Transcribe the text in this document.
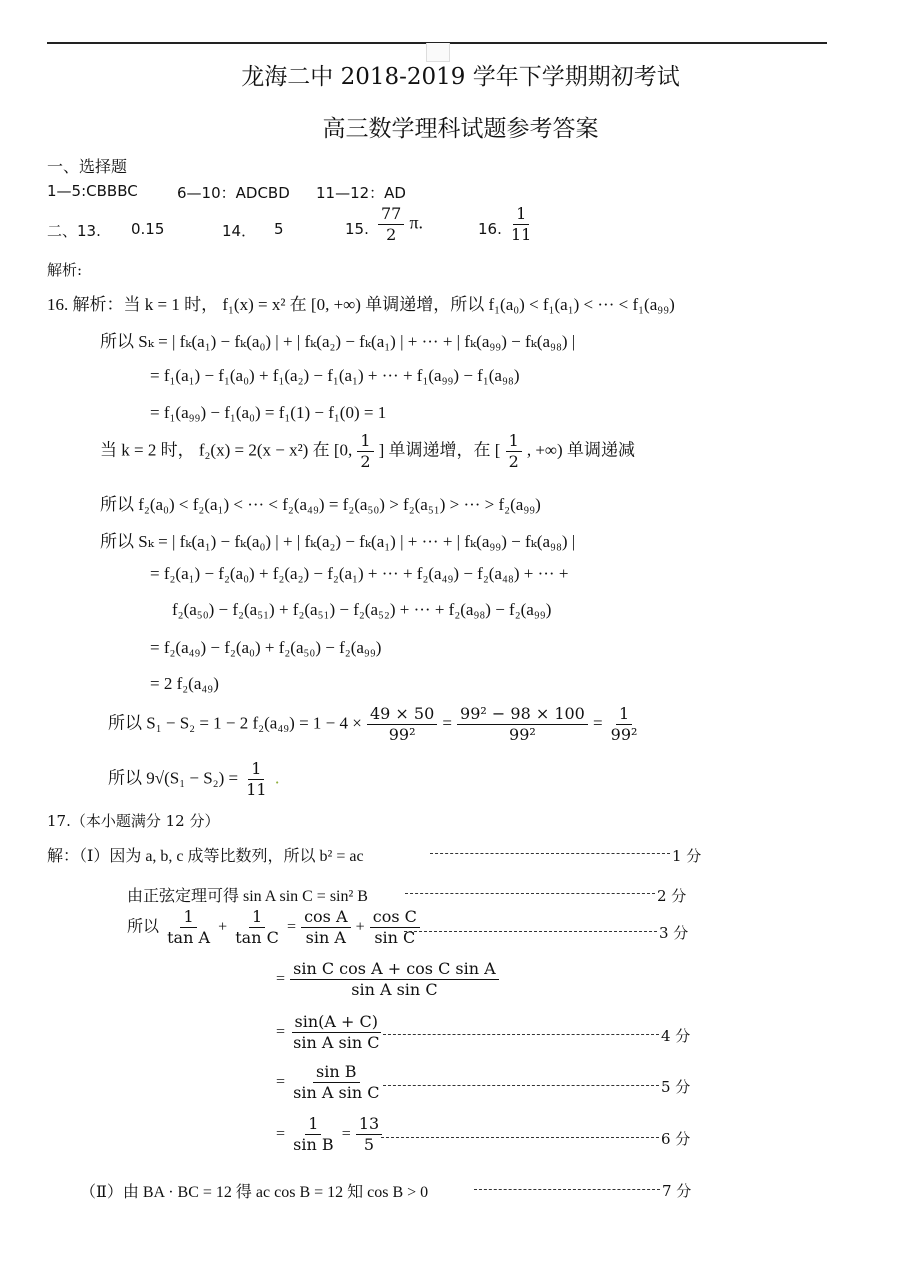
龙海二中 2018-2019 学年下学期期初考试
高三数学理科试题参考答案
一、选择题
1—5:CBBBC	6—10：ADCBD 11—12：AD
二、13. 0.15	14． 5	15. $\frac{77}{2} \pi$.	16. $\frac{1}{11}$
解析:
16. 解析：当 k = 1 时， f₁(x) = x² 在 [0, +∞) 单调递增，所以 f₁(a₀) < f₁(a₁) < ··· < f₁(a₉₉)
所以 Sₖ = | fₖ(a₁) − fₖ(a₀) | + | fₖ(a₂) − fₖ(a₁) | + ··· + | fₖ(a₉₉) − fₖ(a₉₈) |
= f₁(a₁) − f₁(a₀) + f₁(a₂) − f₁(a₁) + ··· + f₁(a₉₉) − f₁(a₉₈)
= f₁(a₉₉) − f₁(a₀) = f₁(1) − f₁(0) = 1
当 k = 2 时， f₂(x) = 2(x − x²) 在 [0, $\frac{1}{2}$ ] 单调递增，在 [ $\frac{1}{2}$ , +∞) 单调递减
所以 f₂(a₀) < f₂(a₁) < ··· < f₂(a₄₉) = f₂(a₅₀) > f₂(a₅₁) > ··· > f₂(a₉₉)
所以 Sₖ = | fₖ(a₁) − fₖ(a₀) | + | fₖ(a₂) − fₖ(a₁) | + ··· + | fₖ(a₉₉) − fₖ(a₉₈) |
= f₂(a₁) − f₂(a₀) + f₂(a₂) − f₂(a₁) + ··· + f₂(a₄₉) − f₂(a₄₈) + ··· +
f₂(a₅₀) − f₂(a₅₁) + f₂(a₅₁) − f₂(a₅₂) + ··· + f₂(a₉₈) − f₂(a₉₉)
= f₂(a₄₉) − f₂(a₀) + f₂(a₅₀) − f₂(a₉₉)
= 2 f₂(a₄₉)
所以 S₁ − S₂ = 1 − 2 $f_2(a_{49}) = 1 - 4 \times \frac{49 \times 50}{\text{99²}} = \frac{\text{99² − 98 × 100}}{\text{99²}} = \frac{1}{\text{99²}}$
所以 $9√(S_1 - S_2) = \frac{1}{11}$ .
17.（本小题满分 12 分）
解：（Ⅰ）因为 a, b, c 成等比数列，所以 b² = ac	1 分
由正弦定理可得 sin A sin C = sin² B	2 分
所以 $\frac{1}{\text{tan A}} + \frac{1}{\text{tan C}} = \frac{\text{cos A}}{\text{sin A}} + \frac{\text{cos C}}{\text{sin C}}$	3 分
= $\frac{\text{sin C cos A + cos C sin A}}{\text{sin A sin C}}$
= $\frac{\sin(A + C)}{\text{sin A sin C}}$	4 分
= $\frac{\text{sin B}}{\text{sin A sin C}}$	5 分
= $\frac{1}{\text{sin B}} = \frac{13}{5}$	6 分
（Ⅱ）由 BA · BC = 12 得 ac cos B = 12 知 cos B > 0	7 分
